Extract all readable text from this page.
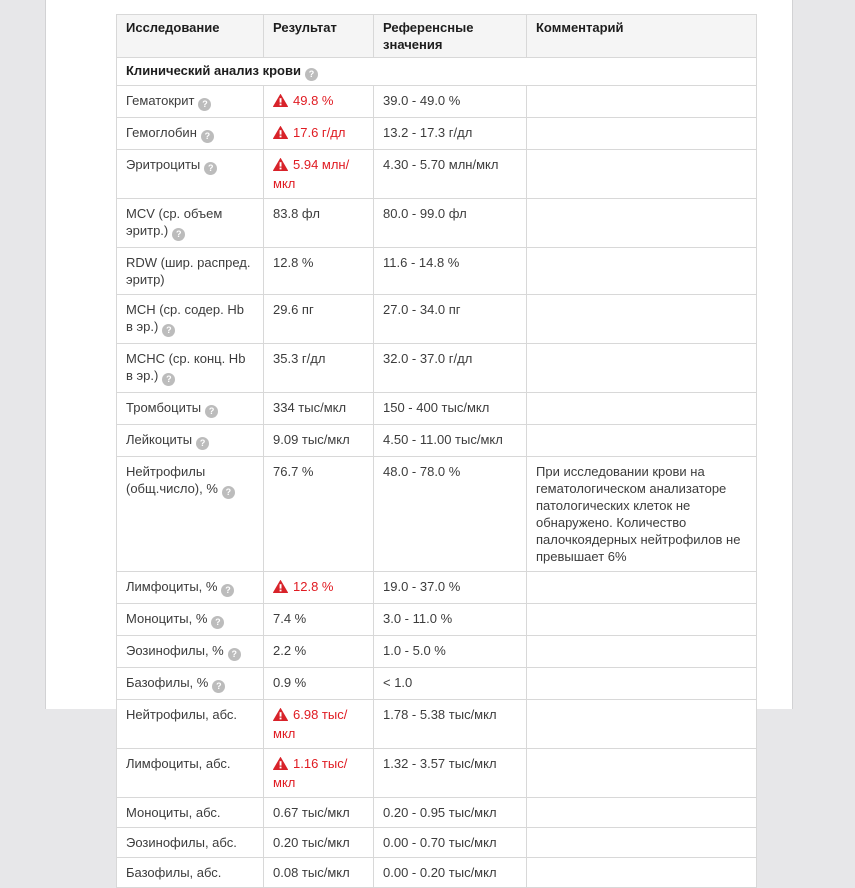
Исследование	Результат	Референсные значения	Комментарий
Клинический анализ крови ?			
Гематокрит ?	49.8 %	39.0 - 49.0 %	
Гемоглобин ?	17.6 г/дл	13.2 - 17.3 г/дл	
Эритроциты ?	5.94 млн/мкл	4.30 - 5.70 млн/мкл	
MCV (ср. объем эритр.) ?	83.8 фл	80.0 - 99.0 фл	
RDW (шир. распред. эритр)	12.8 %	11.6 - 14.8 %	
MCH (ср. содер. Hb в эр.) ?	29.6 пг	27.0 - 34.0 пг	
MCHC (ср. конц. Hb в эр.) ?	35.3 г/дл	32.0 - 37.0 г/дл	
Тромбоциты ?	334 тыс/мкл	150 - 400 тыс/мкл	
Лейкоциты ?	9.09 тыс/мкл	4.50 - 11.00 тыс/мкл	
Нейтрофилы (общ.число), % ?	76.7 %	48.0 - 78.0 %	При исследовании крови на гематологическом анализаторе патологических клеток не обнаружено. Количество палочкоядерных нейтрофилов не превышает 6%
Лимфоциты, % ?	12.8 %	19.0 - 37.0 %	
Моноциты, % ?	7.4 %	3.0 - 11.0 %	
Эозинофилы, % ?	2.2 %	1.0 - 5.0 %	
Базофилы, % ?	0.9 %	< 1.0	
Нейтрофилы, абс.	6.98 тыс/мкл	1.78 - 5.38 тыс/мкл	
Лимфоциты, абс.	1.16 тыс/мкл	1.32 - 3.57 тыс/мкл	
Моноциты, абс.	0.67 тыс/мкл	0.20 - 0.95 тыс/мкл	
Эозинофилы, абс.	0.20 тыс/мкл	0.00 - 0.70 тыс/мкл	
Базофилы, абс.	0.08 тыс/мкл	0.00 - 0.20 тыс/мкл	
